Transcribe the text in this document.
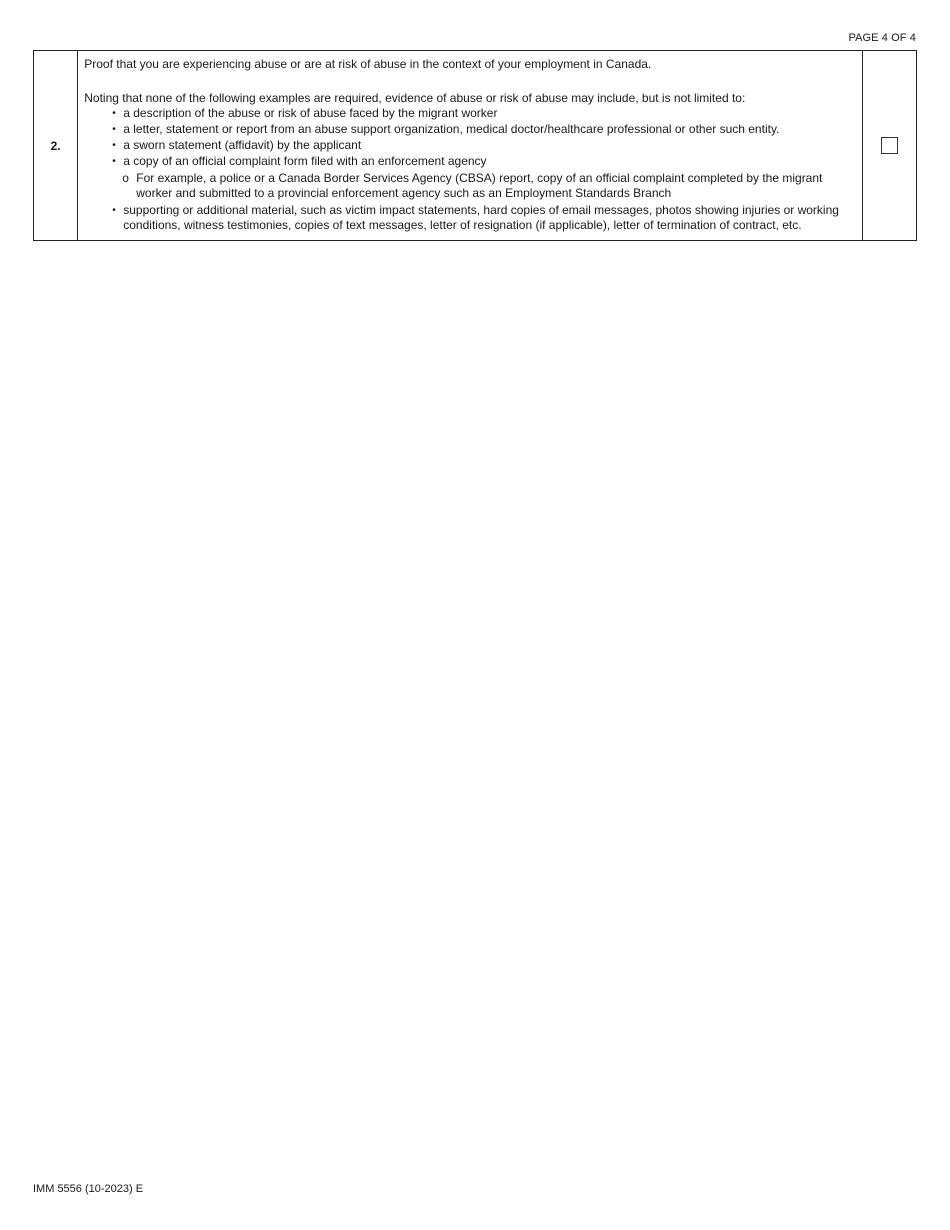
PAGE 4 OF 4
2.	

Proof that you are experiencing abuse or are at risk of abuse in the context of your employment in Canada.

Noting that none of the following examples are required, evidence of abuse or risk of abuse may include, but is not limited to:

• a description of the abuse or risk of abuse faced by the migrant worker
• a letter, statement or report from an abuse support organization, medical doctor/healthcare professional or other such entity.
• a sworn statement (affidavit) by the applicant
• a copy of an official complaint form filed with an enforcement agency
o For example, a police or a Canada Border Services Agency (CBSA) report, copy of an official complaint completed by the migrant worker and submitted to a provincial enforcement agency such as an Employment Standards Branch
• supporting or additional material, such as victim impact statements, hard copies of email messages, photos showing injuries or working conditions, witness testimonies, copies of text messages, letter of resignation (if applicable), letter of termination of contract, etc.

IMM 5556 (10-2023) E
